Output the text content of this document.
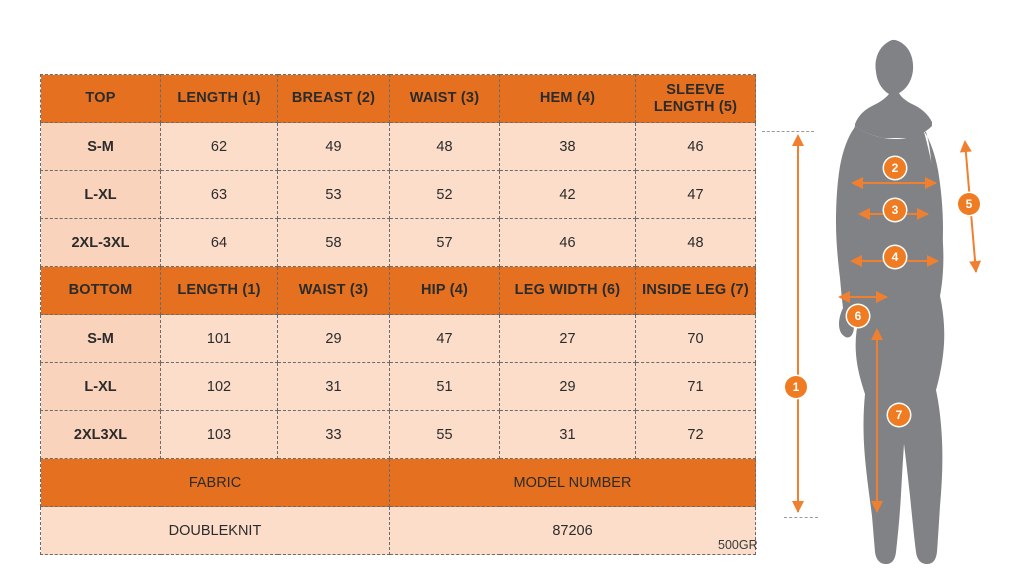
TOP	LENGTH (1)	BREAST (2)	WAIST (3)	HEM (4)	SLEEVE LENGTH (5)
S-M	62	49	48	38	46
L-XL	63	53	52	42	47
2XL-3XL	64	58	57	46	48
BOTTOM	LENGTH (1)	WAIST (3)	HIP (4)	LEG WIDTH (6)	INSIDE LEG (7)
S-M	101	29	47	27	70
L-XL	102	31	51	29	71
2XL3XL	103	33	55	31	72
FABRIC			MODEL NUMBER		
DOUBLEKNIT			87206		
500GR
1
2
3
4
5
6
7
